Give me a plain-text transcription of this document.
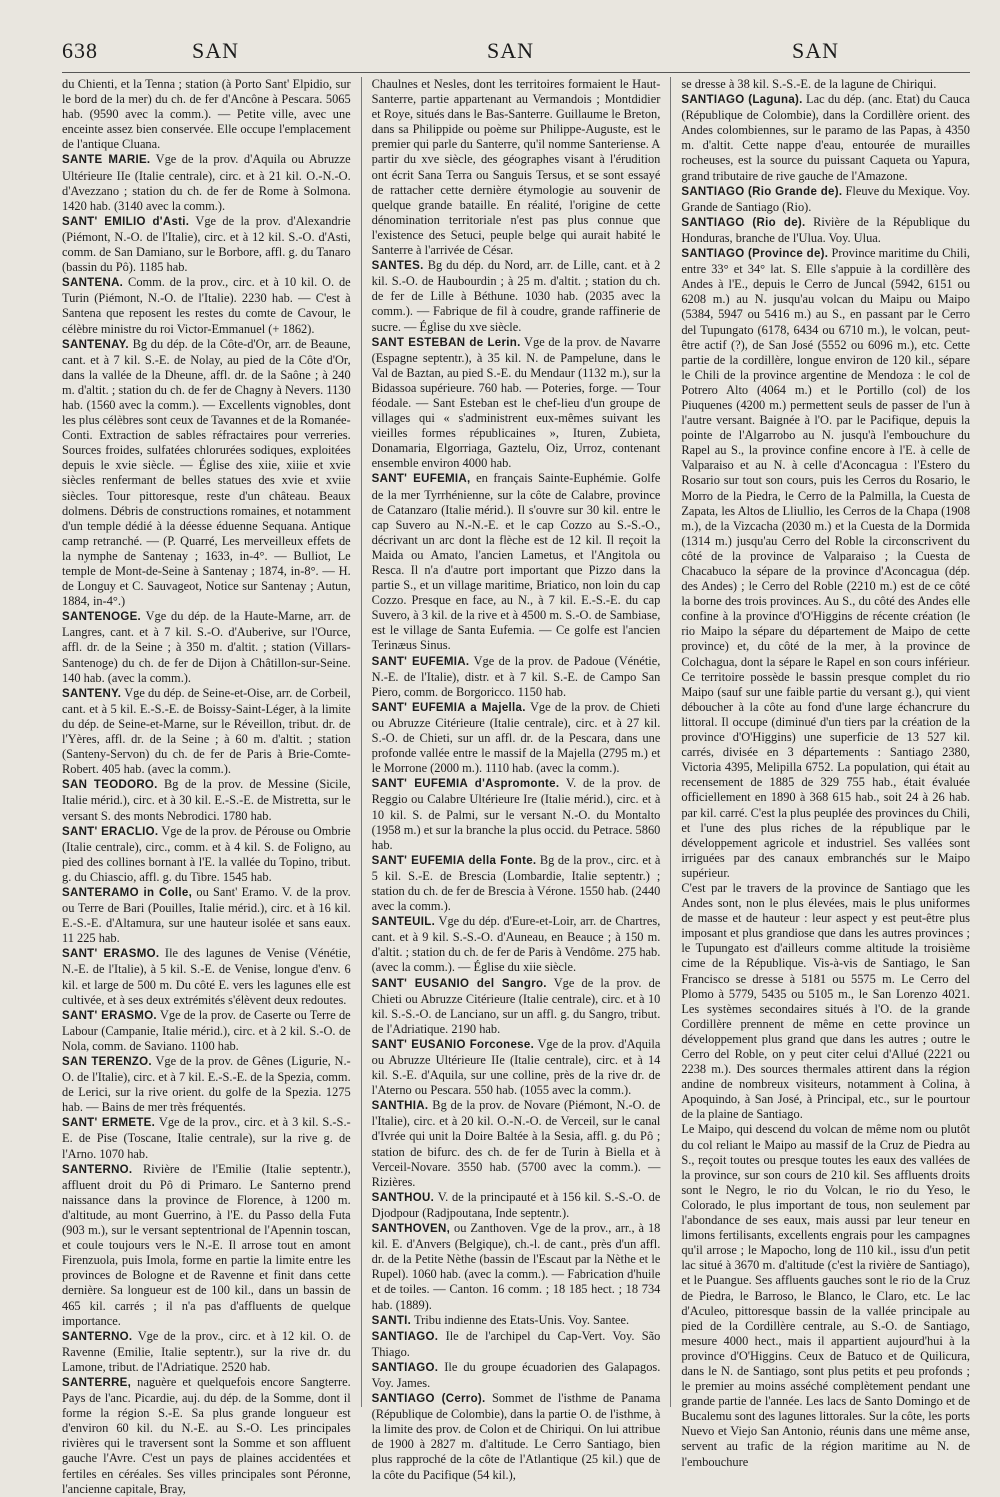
638	SAN	SAN	SAN

du Chienti, et la Tenna ; station (à Porto Sant' Elpidio, sur le bord de la mer) du ch. de fer d'Ancône à Pescara. 5065 hab. (9590 avec la comm.). — Petite ville, avec une enceinte assez bien conservée. Elle occupe l'emplacement de l'antique Cluana.

SANTE MARIE. Vge de la prov. d'Aquila ou Abruzze Ultérieure IIe (Italie centrale), circ. et à 21 kil. O.-N.-O. d'Avezzano ; station du ch. de fer de Rome à Solmona. 1420 hab. (3140 avec la comm.).

SANT' EMILIO d'Asti. Vge de la prov. d'Alexandrie (Piémont, N.-O. de l'Italie), circ. et à 12 kil. S.-O. d'Asti, comm. de San Damiano, sur le Borbore, affl. g. du Tanaro (bassin du Pô). 1185 hab.

SANTENA. Comm. de la prov., circ. et à 10 kil. O. de Turin (Piémont, N.-O. de l'Italie). 2230 hab. — C'est à Santena que reposent les restes du comte de Cavour, le célèbre ministre du roi Victor-Emmanuel (+ 1862).

SANTENAY. Bg du dép. de la Côte-d'Or, arr. de Beaune, cant. et à 7 kil. S.-E. de Nolay, au pied de la Côte d'Or, dans la vallée de la Dheune, affl. dr. de la Saône ; à 240 m. d'altit. ; station du ch. de fer de Chagny à Nevers. 1130 hab. (1560 avec la comm.). — Excellents vignobles, dont les plus célèbres sont ceux de Tavannes et de la Romanée-Conti. Extraction de sables réfractaires pour verreries. Sources froides, sulfatées chlorurées sodiques, exploitées depuis le xvie siècle. — Église des xiie, xiiie et xvie siècles renfermant de belles statues des xvie et xviie siècles. Tour pittoresque, reste d'un château. Beaux dolmens. Débris de constructions romaines, et notamment d'un temple dédié à la déesse éduenne Sequana. Antique camp retranché. — (P. Quarré, Les merveilleux effets de la nymphe de Santenay ; 1633, in-4°. — Bulliot, Le temple de Mont-de-Seine à Santenay ; 1874, in-8°. — H. de Longuy et C. Sauvageot, Notice sur Santenay ; Autun, 1884, in-4°.)

SANTENOGE. Vge du dép. de la Haute-Marne, arr. de Langres, cant. et à 7 kil. S.-O. d'Auberive, sur l'Ource, affl. dr. de la Seine ; à 350 m. d'altit. ; station (Villars-Santenoge) du ch. de fer de Dijon à Châtillon-sur-Seine. 140 hab. (avec la comm.).

SANTENY. Vge du dép. de Seine-et-Oise, arr. de Corbeil, cant. et à 5 kil. E.-S.-E. de Boissy-Saint-Léger, à la limite du dép. de Seine-et-Marne, sur le Réveillon, tribut. dr. de l'Yères, affl. dr. de la Seine ; à 60 m. d'altit. ; station (Santeny-Servon) du ch. de fer de Paris à Brie-Comte-Robert. 405 hab. (avec la comm.).

SAN TEODORO. Bg de la prov. de Messine (Sicile, Italie mérid.), circ. et à 30 kil. E.-S.-E. de Mistretta, sur le versant S. des monts Nebrodici. 1780 hab.

SANT' ERACLIO. Vge de la prov. de Pérouse ou Ombrie (Italie centrale), circ., comm. et à 4 kil. S. de Foligno, au pied des collines bornant à l'E. la vallée du Topino, tribut. g. du Chiascio, affl. g. du Tibre. 1545 hab.

SANTERAMO in Colle, ou Sant' Eramo. V. de la prov. ou Terre de Bari (Pouilles, Italie mérid.), circ. et à 16 kil. E.-S.-E. d'Altamura, sur une hauteur isolée et sans eaux. 11 225 hab.

SANT' ERASMO. Ile des lagunes de Venise (Vénétie, N.-E. de l'Italie), à 5 kil. S.-E. de Venise, longue d'env. 6 kil. et large de 500 m. Du côté E. vers les lagunes elle est cultivée, et à ses deux extrémités s'élèvent deux redoutes.

SANT' ERASMO. Vge de la prov. de Caserte ou Terre de Labour (Campanie, Italie mérid.), circ. et à 2 kil. S.-O. de Nola, comm. de Saviano. 1100 hab.

SAN TERENZO. Vge de la prov. de Gênes (Ligurie, N.-O. de l'Italie), circ. et à 7 kil. E.-S.-E. de la Spezia, comm. de Lerici, sur la rive orient. du golfe de la Spezia. 1275 hab. — Bains de mer très fréquentés.

SANT' ERMETE. Vge de la prov., circ. et à 3 kil. S.-S.-E. de Pise (Toscane, Italie centrale), sur la rive g. de l'Arno. 1070 hab.

SANTERNO. Rivière de l'Emilie (Italie septentr.), affluent droit du Pô di Primaro. Le Santerno prend naissance dans la province de Florence, à 1200 m. d'altitude, au mont Guerrino, à l'E. du Passo della Futa (903 m.), sur le versant septentrional de l'Apennin toscan, et coule toujours vers le N.-E. Il arrose tout en amont Firenzuola, puis Imola, forme en partie la limite entre les provinces de Bologne et de Ravenne et finit dans cette dernière. Sa longueur est de 100 kil., dans un bassin de 465 kil. carrés ; il n'a pas d'affluents de quelque importance.

SANTERNO. Vge de la prov., circ. et à 12 kil. O. de Ravenne (Emilie, Italie septentr.), sur la rive dr. du Lamone, tribut. de l'Adriatique. 2520 hab.

SANTERRE, naguère et quelquefois encore Sangterre. Pays de l'anc. Picardie, auj. du dép. de la Somme, dont il forme la région S.-E. Sa plus grande longueur est d'environ 60 kil. du N.-E. au S.-O. Les principales rivières qui le traversent sont la Somme et son affluent gauche l'Avre. C'est un pays de plaines accidentées et fertiles en céréales. Ses villes principales sont Péronne, l'ancienne capitale, Bray,

Chaulnes et Nesles, dont les territoires formaient le Haut-Santerre, partie appartenant au Vermandois ; Montdidier et Roye, situés dans le Bas-Santerre. Guillaume le Breton, dans sa Philippide ou poème sur Philippe-Auguste, est le premier qui parle du Santerre, qu'il nomme Santeriense. A partir du xve siècle, des géographes visant à l'érudition ont écrit Sana Terra ou Sanguis Tersus, et se sont essayé de rattacher cette dernière étymologie au souvenir de quelque grande bataille. En réalité, l'origine de cette dénomination territoriale n'est pas plus connue que l'existence des Setuci, peuple belge qui aurait habité le Santerre à l'arrivée de César.

SANTES. Bg du dép. du Nord, arr. de Lille, cant. et à 2 kil. S.-O. de Haubourdin ; à 25 m. d'altit. ; station du ch. de fer de Lille à Béthune. 1030 hab. (2035 avec la comm.). — Fabrique de fil à coudre, grande raffinerie de sucre. — Église du xve siècle.

SANT ESTEBAN de Lerin. Vge de la prov. de Navarre (Espagne septentr.), à 35 kil. N. de Pampelune, dans le Val de Baztan, au pied S.-E. du Mendaur (1132 m.), sur la Bidassoa supérieure. 760 hab. — Poteries, forge. — Tour féodale. — Sant Esteban est le chef-lieu d'un groupe de villages qui « s'administrent eux-mêmes suivant les vieilles formes républicaines », Ituren, Zubieta, Donamaria, Elgorriaga, Gaztelu, Oiz, Urroz, contenant ensemble environ 4000 hab.

SANT' EUFEMIA, en français Sainte-Euphémie. Golfe de la mer Tyrrhénienne, sur la côte de Calabre, province de Catanzaro (Italie mérid.). Il s'ouvre sur 30 kil. entre le cap Suvero au N.-N.-E. et le cap Cozzo au S.-S.-O., décrivant un arc dont la flèche est de 12 kil. Il reçoit la Maida ou Amato, l'ancien Lametus, et l'Angitola ou Resca. Il n'a d'autre port important que Pizzo dans la partie S., et un village maritime, Briatico, non loin du cap Cozzo. Presque en face, au N., à 7 kil. E.-S.-E. du cap Suvero, à 3 kil. de la rive et à 4500 m. S.-O. de Sambiase, est le village de Santa Eufemia. — Ce golfe est l'ancien Terinæus Sinus.

SANT' EUFEMIA. Vge de la prov. de Padoue (Vénétie, N.-E. de l'Italie), distr. et à 7 kil. S.-E. de Campo San Piero, comm. de Borgoricco. 1150 hab.

SANT' EUFEMIA a Majella. Vge de la prov. de Chieti ou Abruzze Citérieure (Italie centrale), circ. et à 27 kil. S.-O. de Chieti, sur un affl. dr. de la Pescara, dans une profonde vallée entre le massif de la Majella (2795 m.) et le Morrone (2000 m.). 1110 hab. (avec la comm.).

SANT' EUFEMIA d'Aspromonte. V. de la prov. de Reggio ou Calabre Ultérieure Ire (Italie mérid.), circ. et à 10 kil. S. de Palmi, sur le versant N.-O. du Montalto (1958 m.) et sur la branche la plus occid. du Petrace. 5860 hab.

SANT' EUFEMIA della Fonte. Bg de la prov., circ. et à 5 kil. S.-E. de Brescia (Lombardie, Italie septentr.) ; station du ch. de fer de Brescia à Vérone. 1550 hab. (2440 avec la comm.).

SANTEUIL. Vge du dép. d'Eure-et-Loir, arr. de Chartres, cant. et à 9 kil. S.-S.-O. d'Auneau, en Beauce ; à 150 m. d'altit. ; station du ch. de fer de Paris à Vendôme. 275 hab. (avec la comm.). — Église du xiie siècle.

SANT' EUSANIO del Sangro. Vge de la prov. de Chieti ou Abruzze Citérieure (Italie centrale), circ. et à 10 kil. S.-S.-O. de Lanciano, sur un affl. g. du Sangro, tribut. de l'Adriatique. 2190 hab.

SANT' EUSANIO Forconese. Vge de la prov. d'Aquila ou Abruzze Ultérieure IIe (Italie centrale), circ. et à 14 kil. S.-E. d'Aquila, sur une colline, près de la rive dr. de l'Aterno ou Pescara. 550 hab. (1055 avec la comm.).

SANTHIA. Bg de la prov. de Novare (Piémont, N.-O. de l'Italie), circ. et à 20 kil. O.-N.-O. de Verceil, sur le canal d'Ivrée qui unit la Doire Baltée à la Sesia, affl. g. du Pô ; station de bifurc. des ch. de fer de Turin à Biella et à Verceil-Novare. 3550 hab. (5700 avec la comm.). — Rizières.

SANTHOU. V. de la principauté et à 156 kil. S.-S.-O. de Djodpour (Radjpoutana, Inde septentr.).

SANTHOVEN, ou Zanthoven. Vge de la prov., arr., à 18 kil. E. d'Anvers (Belgique), ch.-l. de cant., près d'un affl. dr. de la Petite Nèthe (bassin de l'Escaut par la Nèthe et le Rupel). 1060 hab. (avec la comm.). — Fabrication d'huile et de toiles. — Canton. 16 comm. ; 18 185 hect. ; 18 734 hab. (1889).

SANTI. Tribu indienne des Etats-Unis. Voy. Santee.

SANTIAGO. Ile de l'archipel du Cap-Vert. Voy. São Thiago.

SANTIAGO. Ile du groupe écuadorien des Galapagos. Voy. James.

SANTIAGO (Cerro). Sommet de l'isthme de Panama (République de Colombie), dans la partie O. de l'isthme, à la limite des prov. de Colon et de Chiriqui. On lui attribue de 1900 à 2827 m. d'altitude. Le Cerro Santiago, bien plus rapproché de la côte de l'Atlantique (25 kil.) que de la côte du Pacifique (54 kil.),

se dresse à 38 kil. S.-S.-E. de la lagune de Chiriqui.

SANTIAGO (Laguna). Lac du dép. (anc. Etat) du Cauca (République de Colombie), dans la Cordillère orient. des Andes colombiennes, sur le paramo de las Papas, à 4350 m. d'altit. Cette nappe d'eau, entourée de murailles rocheuses, est la source du puissant Caqueta ou Yapura, grand tributaire de rive gauche de l'Amazone.

SANTIAGO (Rio Grande de). Fleuve du Mexique. Voy. Grande de Santiago (Rio).

SANTIAGO (Rio de). Rivière de la République du Honduras, branche de l'Ulua. Voy. Ulua.

SANTIAGO (Province de). Province maritime du Chili, entre 33° et 34° lat. S. Elle s'appuie à la cordillère des Andes à l'E., depuis le Cerro de Juncal (5942, 6151 ou 6208 m.) au N. jusqu'au volcan du Maipu ou Maipo (5384, 5947 ou 5416 m.) au S., en passant par le Cerro del Tupungato (6178, 6434 ou 6710 m.), le volcan, peut-être actif (?), de San José (5552 ou 6096 m.), etc. Cette partie de la cordillère, longue environ de 120 kil., sépare le Chili de la province argentine de Mendoza : le col de Potrero Alto (4064 m.) et le Portillo (col) de los Piuquenes (4200 m.) permettent seuls de passer de l'un à l'autre versant. Baignée à l'O. par le Pacifique, depuis la pointe de l'Algarrobo au N. jusqu'à l'embouchure du Rapel au S., la province confine encore à l'E. à celle de Valparaiso et au N. à celle d'Aconcagua : l'Estero du Rosario sur tout son cours, puis les Cerros du Rosario, le Morro de la Piedra, le Cerro de la Palmilla, la Cuesta de Zapata, les Altos de Lliullio, les Cerros de la Chapa (1908 m.), de la Vizcacha (2030 m.) et la Cuesta de la Dormida (1314 m.) jusqu'au Cerro del Roble la circonscrivent du côté de la province de Valparaiso ; la Cuesta de Chacabuco la sépare de la province d'Aconcagua (dép. des Andes) ; le Cerro del Roble (2210 m.) est de ce côté la borne des trois provinces. Au S., du côté des Andes elle confine à la province d'O'Higgins de récente création (le rio Maipo la sépare du département de Maipo de cette province) et, du côté de la mer, à la province de Colchagua, dont la sépare le Rapel en son cours inférieur. Ce territoire possède le bassin presque complet du rio Maipo (sauf sur une faible partie du versant g.), qui vient déboucher à la côte au fond d'une large échancrure du littoral. Il occupe (diminué d'un tiers par la création de la province d'O'Higgins) une superficie de 13 527 kil. carrés, divisée en 3 départements : Santiago 2380, Victoria 4395, Melipilla 6752. La population, qui était au recensement de 1885 de 329 755 hab., était évaluée officiellement en 1890 à 368 615 hab., soit 24 à 26 hab. par kil. carré. C'est la plus peuplée des provinces du Chili, et l'une des plus riches de la république par le développement agricole et industriel. Ses vallées sont irriguées par des canaux embranchés sur le Maipo supérieur.

C'est par le travers de la province de Santiago que les Andes sont, non le plus élevées, mais le plus uniformes de masse et de hauteur : leur aspect y est peut-être plus imposant et plus grandiose que dans les autres provinces ; le Tupungato est d'ailleurs comme altitude la troisième cime de la République. Vis-à-vis de Santiago, le San Francisco se dresse à 5181 ou 5575 m. Le Cerro del Plomo à 5779, 5435 ou 5105 m., le San Lorenzo 4021. Les systèmes secondaires situés à l'O. de la grande Cordillère prennent de même en cette province un développement plus grand que dans les autres ; outre le Cerro del Roble, on y peut citer celui d'Allué (2221 ou 2238 m.). Des sources thermales attirent dans la région andine de nombreux visiteurs, notamment à Colina, à Apoquindo, à San José, à Principal, etc., sur le pourtour de la plaine de Santiago.

Le Maipo, qui descend du volcan de même nom ou plutôt du col reliant le Maipo au massif de la Cruz de Piedra au S., reçoit toutes ou presque toutes les eaux des vallées de la province, sur son cours de 210 kil. Ses affluents droits sont le Negro, le rio du Volcan, le rio du Yeso, le Colorado, le plus important de tous, non seulement par l'abondance de ses eaux, mais aussi par leur teneur en limons fertilisants, excellents engrais pour les campagnes qu'il arrose ; le Mapocho, long de 110 kil., issu d'un petit lac situé à 3670 m. d'altitude (c'est la rivière de Santiago), et le Puangue. Ses affluents gauches sont le rio de la Cruz de Piedra, le Barroso, le Blanco, le Claro, etc. Le lac d'Aculeo, pittoresque bassin de la vallée principale au pied de la Cordillère centrale, au S.-O. de Santiago, mesure 4000 hect., mais il appartient aujourd'hui à la province d'O'Higgins. Ceux de Batuco et de Quilicura, dans le N. de Santiago, sont plus petits et peu profonds ; le premier au moins asséché complètement pendant une grande partie de l'année. Les lacs de Santo Domingo et de Bucalemu sont des lagunes littorales. Sur la côte, les ports Nuevo et Viejo San Antonio, réunis dans une même anse, servent au trafic de la région maritime au N. de l'embouchure
